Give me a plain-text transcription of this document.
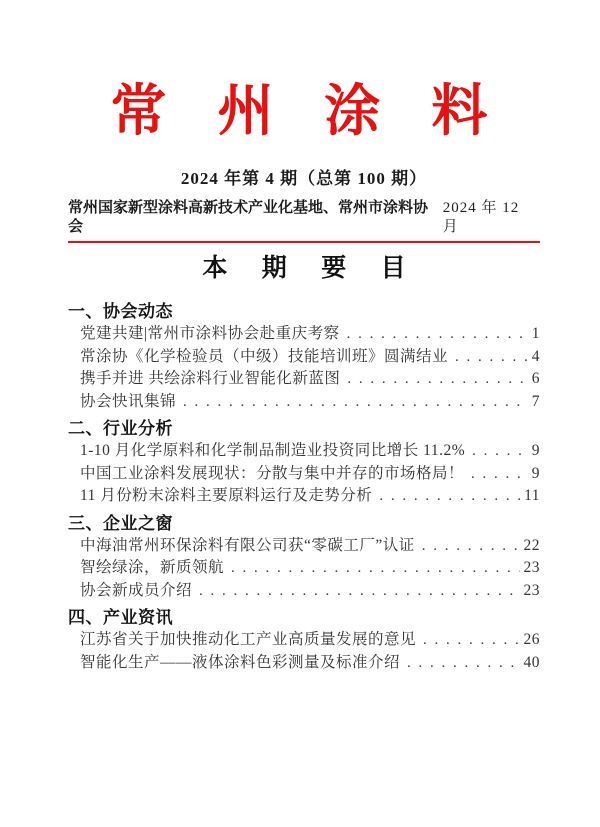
常 州 涂 料
2024 年第 4 期（总第 100 期）
常州国家新型涂料高新技术产业化基地、常州市涂料协会
2024 年 12 月
本 期 要 目
一、协会动态
党建共建|常州市涂料协会赴重庆考察 . . .	1
常涂协《化学检验员（中级）技能培训班》圆满结业 . . .	4
携手并进 共绘涂料行业智能化新蓝图 . . .	6
协会快讯集锦 . . .	7
二、行业分析
1-10 月化学原料和化学制品制造业投资同比增长 11.2% . . .	9
中国工业涂料发展现状：分散与集中并存的市场格局！ . . .	9
11 月份粉末涂料主要原料运行及走势分析 . . .	11
三、企业之窗
中海油常州环保涂料有限公司获“零碳工厂”认证 . . .	22
智绘绿涂，新质领航 . . .	23
协会新成员介绍 . . .	23
四、产业资讯
江苏省关于加快推动化工产业高质量发展的意见 . . .	26
智能化生产——液体涂料色彩测量及标准介绍 . . .	40
